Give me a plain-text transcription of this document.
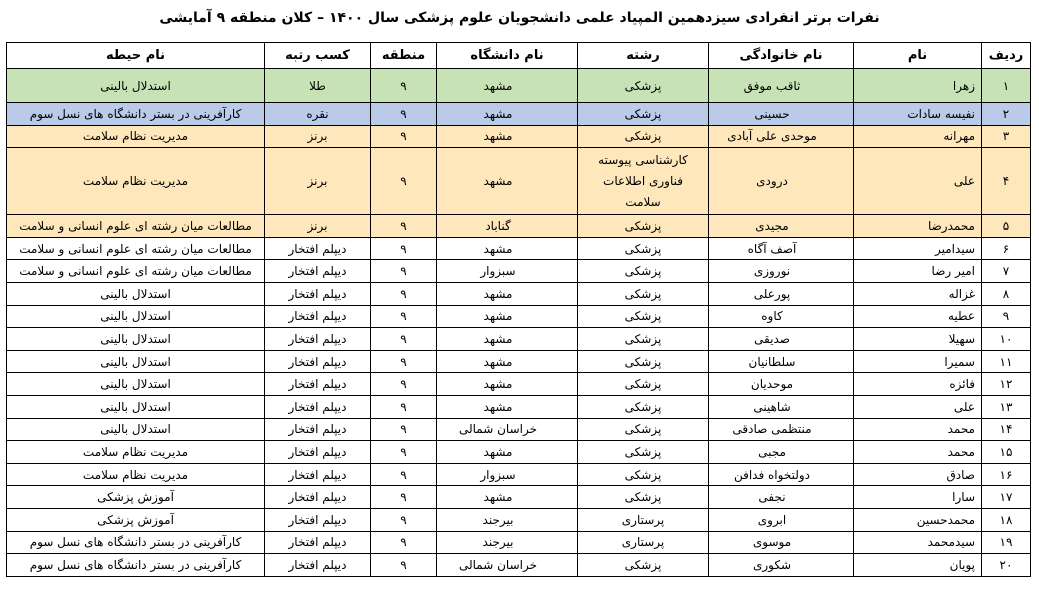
نفرات برتر انفرادی سیزدهمین المپیاد علمی دانشجویان علوم پزشکی سال ۱۴۰۰ – کلان منطقه ۹ آمایشی
ردیف	نام	نام خانوادگی	رشته	نام دانشگاه	منطقه	کسب رتبه	نام حیطه
۱	زهرا	ثاقب موفق	پزشکی	مشهد	۹	طلا	استدلال بالینی
۲	نفیسه سادات	حسینی	پزشکی	مشهد	۹	نقره	کارآفرینی در بستر دانشگاه های نسل سوم
۳	مهرانه	موحدی علی آبادی	پزشکی	مشهد	۹	برنز	مدیریت نظام سلامت
۴	علی	درودی	کارشناسی پیوسته فناوری اطلاعات سلامت	مشهد	۹	برنز	مدیریت نظام سلامت
۵	محمدرضا	مجیدی	پزشکی	گناباد	۹	برنز	مطالعات میان رشته ای علوم انسانی و سلامت
۶	سیدامیر	آصف آگاه	پزشکی	مشهد	۹	دیپلم افتخار	مطالعات میان رشته ای علوم انسانی و سلامت
۷	امیر رضا	نوروزی	پزشکی	سبزوار	۹	دیپلم افتخار	مطالعات میان رشته ای علوم انسانی و سلامت
۸	غزاله	پورعلی	پزشکی	مشهد	۹	دیپلم افتخار	استدلال بالینی
۹	عطیه	کاوه	پزشکی	مشهد	۹	دیپلم افتخار	استدلال بالینی
۱۰	سهیلا	صدیقی	پزشکی	مشهد	۹	دیپلم افتخار	استدلال بالینی
۱۱	سمیرا	سلطانیان	پزشکی	مشهد	۹	دیپلم افتخار	استدلال بالینی
۱۲	فائزه	موحدیان	پزشکی	مشهد	۹	دیپلم افتخار	استدلال بالینی
۱۳	علی	شاهینی	پزشکی	مشهد	۹	دیپلم افتخار	استدلال بالینی
۱۴	محمد	منتظمی صادقی	پزشکی	خراسان شمالی	۹	دیپلم افتخار	استدلال بالینی
۱۵	محمد	مجبی	پزشکی	مشهد	۹	دیپلم افتخار	مدیریت نظام سلامت
۱۶	صادق	دولتخواه فدافن	پزشکی	سبزوار	۹	دیپلم افتخار	مدیریت نظام سلامت
۱۷	سارا	نجفی	پزشکی	مشهد	۹	دیپلم افتخار	آموزش پزشکی
۱۸	محمدحسین	ابروی	پرستاری	بیرجند	۹	دیپلم افتخار	آموزش پزشکی
۱۹	سیدمحمد	موسوی	پرستاری	بیرجند	۹	دیپلم افتخار	کارآفرینی در بستر دانشگاه های نسل سوم
۲۰	پویان	شکوری	پزشکی	خراسان شمالی	۹	دیپلم افتخار	کارآفرینی در بستر دانشگاه های نسل سوم
